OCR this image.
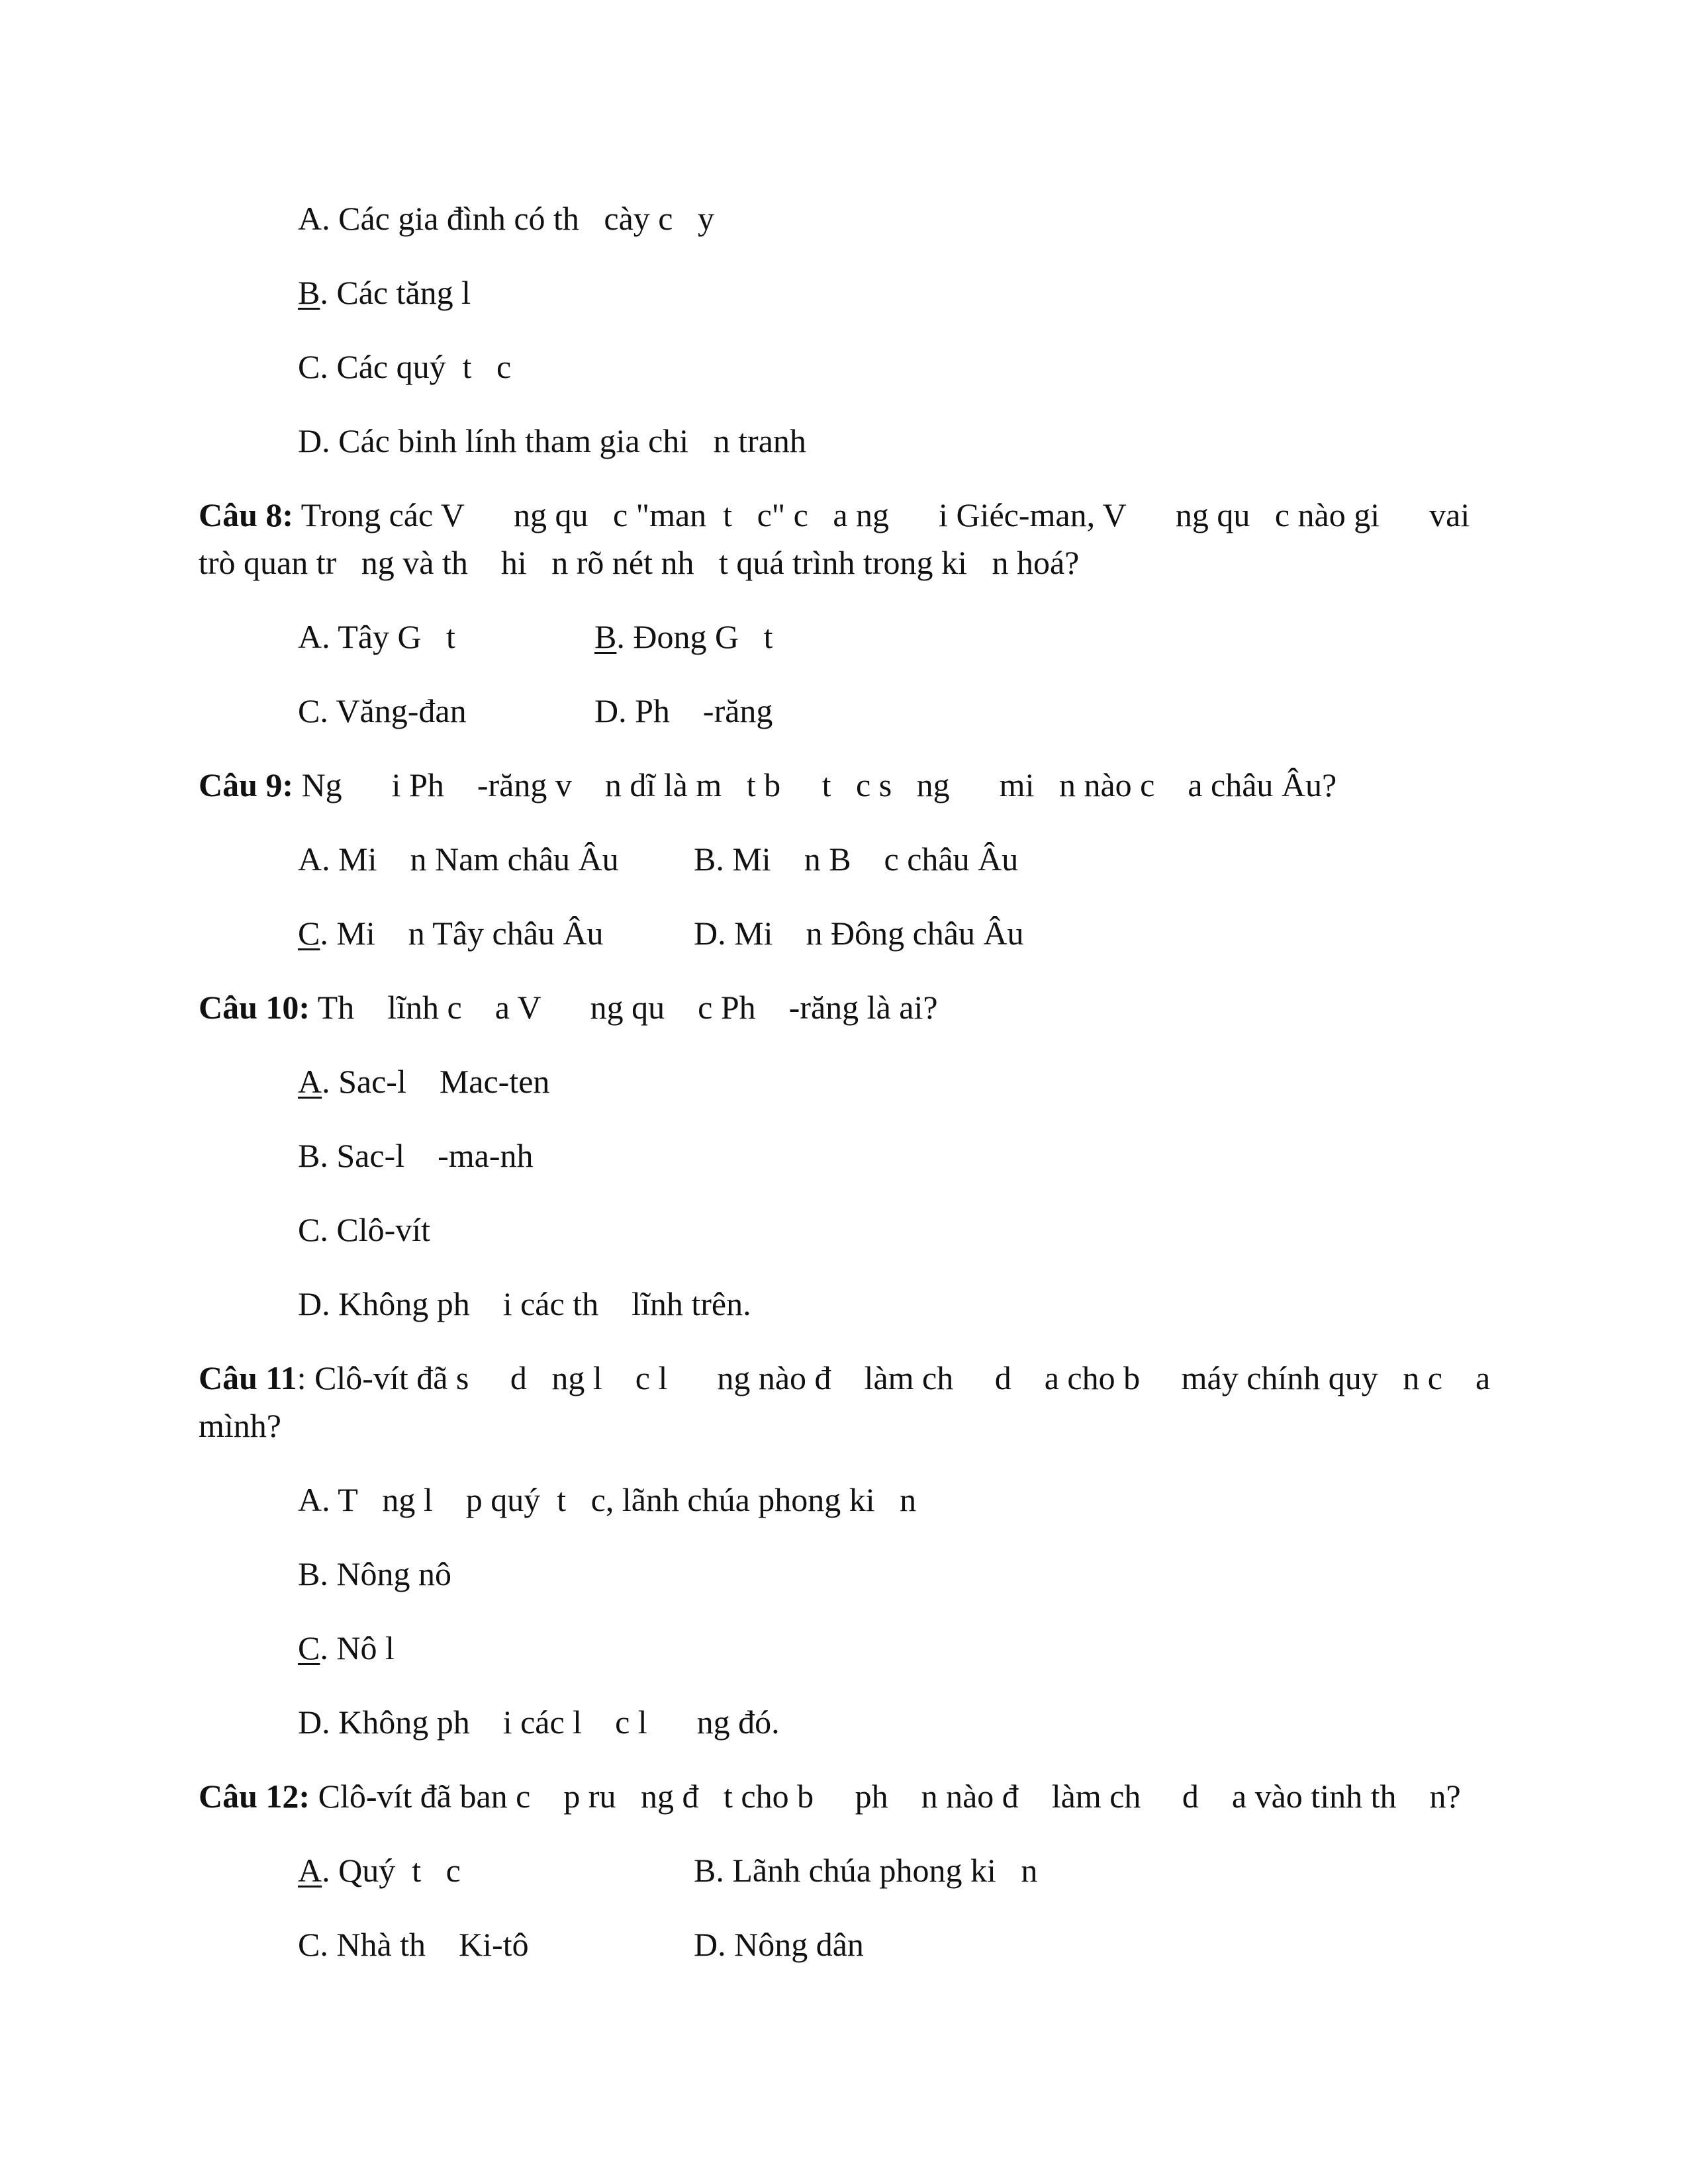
A. Các gia đình có th   cày c   y
B. Các tăng l
C. Các quý  t   c
D. Các binh lính tham gia chi   n tranh
Câu 8: Trong các V      ng qu   c "man  t   c" c   a ng      i Giéc-man, V      ng qu   c nào gi      vai
trò quan tr   ng và th    hi   n rõ nét nh   t quá trình trong ki   n hoá?
A. Tây G   t	B. Đong G   t
C. Văng-đan	D. Ph    -răng
Câu 9: Ng      i Ph    -răng v    n dĩ là m   t b     t   c s   ng      mi   n nào c    a châu Âu?
A. Mi    n Nam châu Âu B. Mi    n B    c châu Âu
C. Mi    n Tây châu Âu	D. Mi    n Đông châu Âu
Câu 10: Th    lĩnh c    a V      ng qu    c Ph    -răng là ai?
A. Sac-l    Mac-ten
B. Sac-l    -ma-nh
C. Clô-vít
D. Không ph    i các th    lĩnh trên.
Câu 11: Clô-vít đã s     d   ng l    c l      ng nào đ    làm ch     d    a cho b     máy chính quy   n c    a
mình?
A. T   ng l    p quý  t   c, lãnh chúa phong ki   n
B. Nông nô
C. Nô l
D. Không ph    i các l    c l      ng đó.
Câu 12: Clô-vít đã ban c    p ru   ng đ   t cho b     ph    n nào đ    làm ch     d    a vào tinh th    n?
A. Quý  t   c	B. Lãnh chúa phong ki   n
C. Nhà th    Ki-tô	D. Nông dân
